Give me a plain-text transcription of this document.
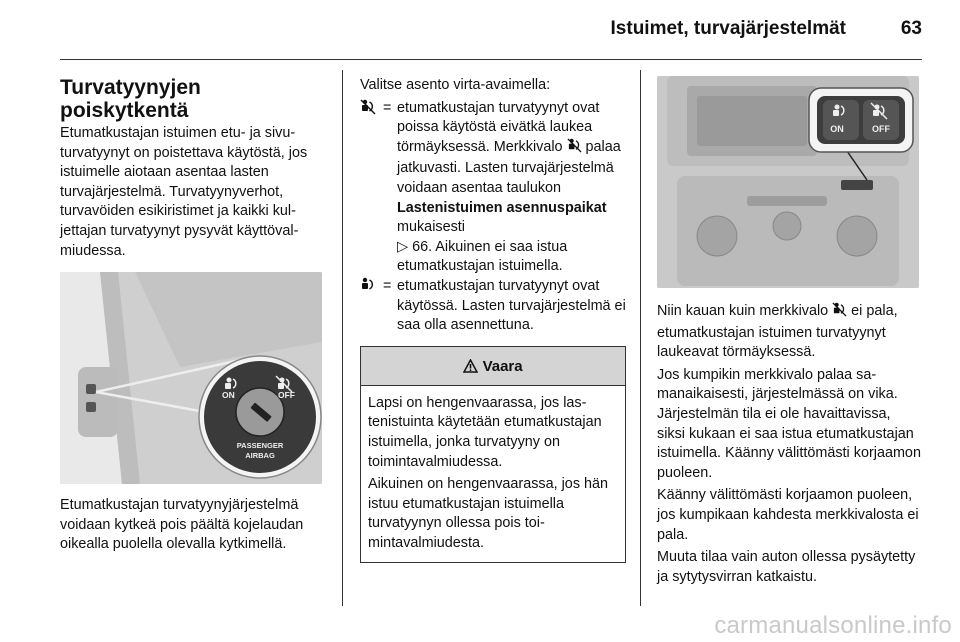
Istuimet, turvajärjestelmät	63
Turvatyynyjen
poiskytkentä

Etumatkustajan istuimen etu- ja sivuturvatyynyt on poistettava käytöstä, jos istuimelle aiotaan asentaa lasten turvajärjestelmä. Turvatyynyverhot, turvavöiden esikiristimet ja kaikki kuljettajan turvatyynyt pysyvät käyttövalmiudessa.

ON	OFF
PASSENGER
AIRBAG

Etumatkustajan turvatyynyjärjestelmä voidaan kytkeä pois päältä kojelaudan oikealla puolella olevalla kytkimellä.

Valitse asento virta-avaimella:

= etumatkustajan turvatyynyt ovat poissa käytöstä eivätkä laukea törmäyksessä. Merkkivalo palaa jatkuvasti. Lasten turvajärjestelmä voidaan asentaa taulukon Lastenistuimen asennuspaikat mukaisesti
▷ 66. Aikuinen ei saa istua etumatkustajan istuimella.
= etumatkustajan turvatyynyt ovat käytössä. Lasten turvajärjestelmä ei saa olla asennettuna.
Vaara

Lapsi on hengenvaarassa, jos lastenistuinta käytetään etumatkustajan istuimella, jonka turvatyyny on toimintavalmiudessa.

Aikuinen on hengenvaarassa, jos hän istuu etumatkustajan istuimella turvatyynyn ollessa pois toimintavalmiudesta.

ON	OFF

Niin kauan kuin merkkivalo ei pala, etumatkustajan istuimen turvatyynyt laukeavat törmäyksessä.

Jos kumpikin merkkivalo palaa samanaikaisesti, järjestelmässä on vika. Järjestelmän tila ei ole havaittavissa, siksi kukaan ei saa istua etumatkustajan istuimella. Käänny välittömästi korjaamon puoleen.

Käänny välittömästi korjaamon puoleen, jos kumpikaan kahdesta merkkivalosta ei pala.

Muuta tilaa vain auton ollessa pysäytetty ja sytytysvirran katkaistu.

carmanualsonline.info
